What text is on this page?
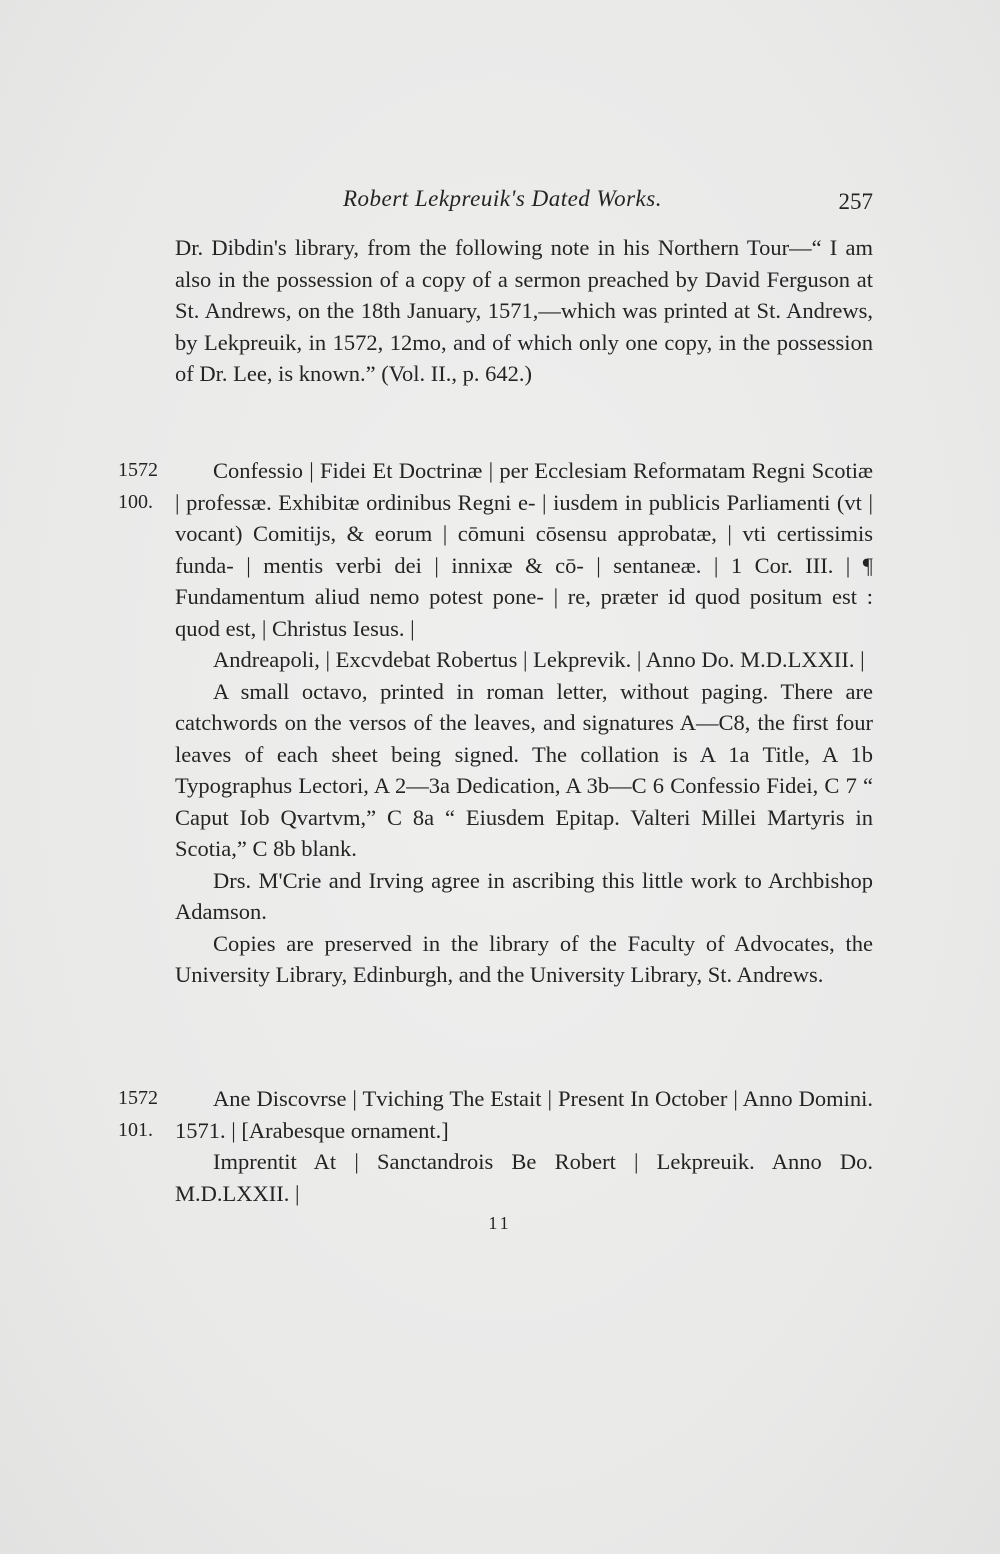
Robert Lekpreuik's Dated Works.	257

Dr. Dibdin's library, from the following note in his Northern Tour—“ I am also in the possession of a copy of a sermon preached by David Ferguson at St. Andrews, on the 18th January, 1571,—which was printed at St. Andrews, by Lekpreuik, in 1572, 12mo, and of which only one copy, in the possession of Dr. Lee, is known.” (Vol. II., p. 642.)

1572
100.

Confessio | Fidei Et Doctrinæ | per Ecclesiam Reformatam Regni Scotiæ | professæ. Exhibitæ ordinibus Regni e- | iusdem in publicis Parliamenti (vt | vocant) Comitijs, & eorum | cōmuni cōsensu approbatæ, | vti certissimis funda- | mentis verbi dei | innixæ & cō- | sentaneæ. | 1 Cor. III. | ¶ Fundamentum aliud nemo potest pone- | re, præter id quod positum est : quod est, | Christus Iesus. |

Andreapoli, | Excvdebat Robertus | Lekprevik. | Anno Do. M.D.LXXII. |

A small octavo, printed in roman letter, without paging. There are catchwords on the versos of the leaves, and signatures A—C8, the first four leaves of each sheet being signed. The collation is A 1a Title, A 1b Typographus Lectori, A 2—3a Dedication, A 3b—C 6 Confessio Fidei, C 7 “ Caput Iob Qvartvm,” C 8a “ Eiusdem Epitap. Valteri Millei Martyris in Scotia,” C 8b blank.

Drs. M'Crie and Irving agree in ascribing this little work to Archbishop Adamson.

Copies are preserved in the library of the Faculty of Advocates, the University Library, Edinburgh, and the University Library, St. Andrews.

1572
101.

Ane Discovrse | Tviching The Estait | Present In October | Anno Domini. 1571. | [Arabesque ornament.]

Imprentit At | Sanctandrois Be Robert | Lekpreuik. Anno Do. M.D.LXXII. |

11
